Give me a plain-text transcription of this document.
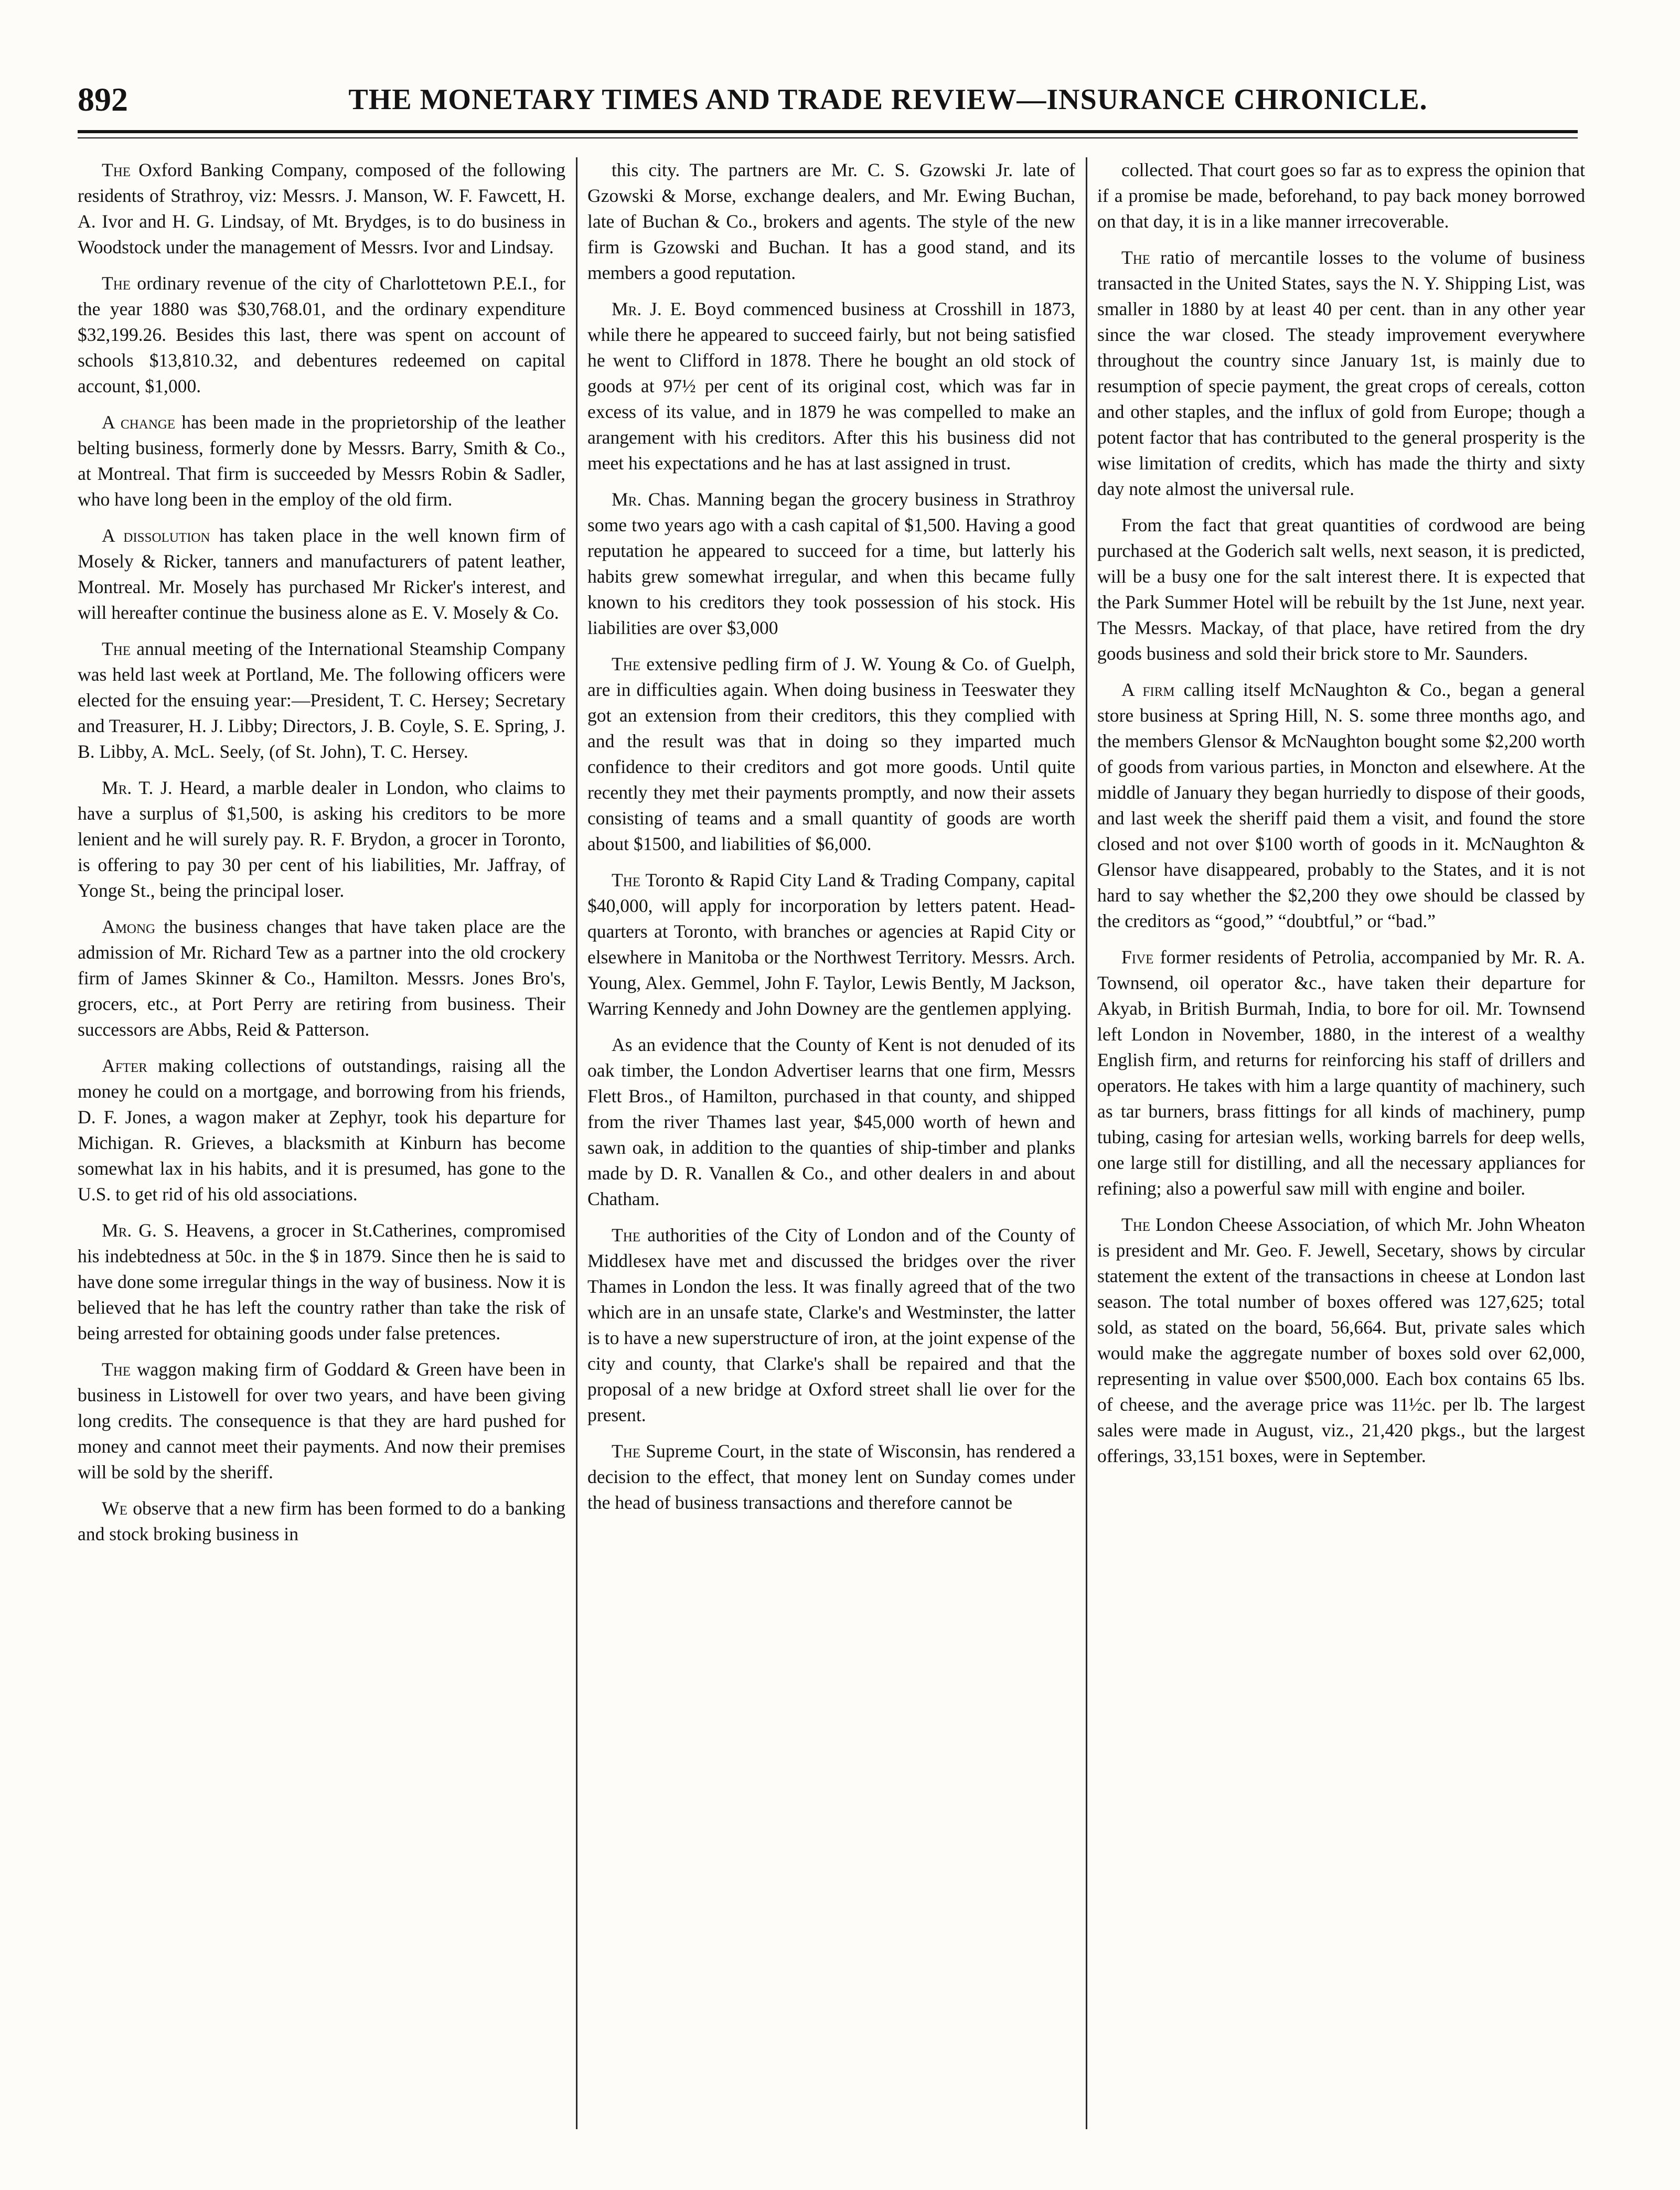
892	THE MONETARY TIMES AND TRADE REVIEW—INSURANCE CHRONICLE.

The Oxford Banking Company, composed of the following residents of Strathroy, viz: Messrs. J. Manson, W. F. Fawcett, H. A. Ivor and H. G. Lindsay, of Mt. Brydges, is to do business in Woodstock under the management of Messrs. Ivor and Lindsay.

The ordinary revenue of the city of Charlottetown P.E.I., for the year 1880 was $30,768.01, and the ordinary expenditure $32,199.26. Besides this last, there was spent on account of schools $13,810.32, and debentures redeemed on capital account, $1,000.

A change has been made in the proprietorship of the leather belting business, formerly done by Messrs. Barry, Smith & Co., at Montreal. That firm is succeeded by Messrs Robin & Sadler, who have long been in the employ of the old firm.

A dissolution has taken place in the well known firm of Mosely & Ricker, tanners and manufacturers of patent leather, Montreal. Mr. Mosely has purchased Mr Ricker's interest, and will hereafter continue the business alone as E. V. Mosely & Co.

The annual meeting of the International Steamship Company was held last week at Portland, Me. The following officers were elected for the ensuing year:—President, T. C. Hersey; Secretary and Treasurer, H. J. Libby; Directors, J. B. Coyle, S. E. Spring, J. B. Libby, A. McL. Seely, (of St. John), T. C. Hersey.

Mr. T. J. Heard, a marble dealer in London, who claims to have a surplus of $1,500, is asking his creditors to be more lenient and he will surely pay. R. F. Brydon, a grocer in Toronto, is offering to pay 30 per cent of his liabilities, Mr. Jaffray, of Yonge St., being the principal loser.

Among the business changes that have taken place are the admission of Mr. Richard Tew as a partner into the old crockery firm of James Skinner & Co., Hamilton. Messrs. Jones Bro's, grocers, etc., at Port Perry are retiring from business. Their successors are Abbs, Reid & Patterson.

After making collections of outstandings, raising all the money he could on a mortgage, and borrowing from his friends, D. F. Jones, a wagon maker at Zephyr, took his departure for Michigan. R. Grieves, a blacksmith at Kinburn has become somewhat lax in his habits, and it is presumed, has gone to the U.S. to get rid of his old associations.

Mr. G. S. Heavens, a grocer in St.Catherines, compromised his indebtedness at 50c. in the $ in 1879. Since then he is said to have done some irregular things in the way of business. Now it is believed that he has left the country rather than take the risk of being arrested for obtaining goods under false pretences.

The waggon making firm of Goddard & Green have been in business in Listowell for over two years, and have been giving long credits. The consequence is that they are hard pushed for money and cannot meet their payments. And now their premises will be sold by the sheriff.

We observe that a new firm has been formed to do a banking and stock broking business in

this city. The partners are Mr. C. S. Gzowski Jr. late of Gzowski & Morse, exchange dealers, and Mr. Ewing Buchan, late of Buchan & Co., brokers and agents. The style of the new firm is Gzowski and Buchan. It has a good stand, and its members a good reputation.

Mr. J. E. Boyd commenced business at Crosshill in 1873, while there he appeared to succeed fairly, but not being satisfied he went to Clifford in 1878. There he bought an old stock of goods at 97½ per cent of its original cost, which was far in excess of its value, and in 1879 he was compelled to make an arangement with his creditors. After this his business did not meet his expectations and he has at last assigned in trust.

Mr. Chas. Manning began the grocery business in Strathroy some two years ago with a cash capital of $1,500. Having a good reputation he appeared to succeed for a time, but latterly his habits grew somewhat irregular, and when this became fully known to his creditors they took possession of his stock. His liabilities are over $3,000

The extensive pedling firm of J. W. Young & Co. of Guelph, are in difficulties again. When doing business in Teeswater they got an extension from their creditors, this they complied with and the result was that in doing so they imparted much confidence to their creditors and got more goods. Until quite recently they met their payments promptly, and now their assets consisting of teams and a small quantity of goods are worth about $1500, and liabilities of $6,000.

The Toronto & Rapid City Land & Trading Company, capital $40,000, will apply for incorporation by letters patent. Head-quarters at Toronto, with branches or agencies at Rapid City or elsewhere in Manitoba or the Northwest Territory. Messrs. Arch. Young, Alex. Gemmel, John F. Taylor, Lewis Bently, M Jackson, Warring Kennedy and John Downey are the gentlemen applying.

As an evidence that the County of Kent is not denuded of its oak timber, the London Advertiser learns that one firm, Messrs Flett Bros., of Hamilton, purchased in that county, and shipped from the river Thames last year, $45,000 worth of hewn and sawn oak, in addition to the quanties of ship-timber and planks made by D. R. Vanallen & Co., and other dealers in and about Chatham.

The authorities of the City of London and of the County of Middlesex have met and discussed the bridges over the river Thames in London the less. It was finally agreed that of the two which are in an unsafe state, Clarke's and Westminster, the latter is to have a new superstructure of iron, at the joint expense of the city and county, that Clarke's shall be repaired and that the proposal of a new bridge at Oxford street shall lie over for the present.

The Supreme Court, in the state of Wisconsin, has rendered a decision to the effect, that money lent on Sunday comes under the head of business transactions and therefore cannot be

collected. That court goes so far as to express the opinion that if a promise be made, beforehand, to pay back money borrowed on that day, it is in a like manner irrecoverable.

The ratio of mercantile losses to the volume of business transacted in the United States, says the N. Y. Shipping List, was smaller in 1880 by at least 40 per cent. than in any other year since the war closed. The steady improvement everywhere throughout the country since January 1st, is mainly due to resumption of specie payment, the great crops of cereals, cotton and other staples, and the influx of gold from Europe; though a potent factor that has contributed to the general prosperity is the wise limitation of credits, which has made the thirty and sixty day note almost the universal rule.

From the fact that great quantities of cordwood are being purchased at the Goderich salt wells, next season, it is predicted, will be a busy one for the salt interest there. It is expected that the Park Summer Hotel will be rebuilt by the 1st June, next year. The Messrs. Mackay, of that place, have retired from the dry goods business and sold their brick store to Mr. Saunders.

A firm calling itself McNaughton & Co., began a general store business at Spring Hill, N. S. some three months ago, and the members Glensor & McNaughton bought some $2,200 worth of goods from various parties, in Moncton and elsewhere. At the middle of January they began hurriedly to dispose of their goods, and last week the sheriff paid them a visit, and found the store closed and not over $100 worth of goods in it. McNaughton & Glensor have disappeared, probably to the States, and it is not hard to say whether the $2,200 they owe should be classed by the creditors as “good,” “doubtful,” or “bad.”

Five former residents of Petrolia, accompanied by Mr. R. A. Townsend, oil operator &c., have taken their departure for Akyab, in British Burmah, India, to bore for oil. Mr. Townsend left London in November, 1880, in the interest of a wealthy English firm, and returns for reinforcing his staff of drillers and operators. He takes with him a large quantity of machinery, such as tar burners, brass fittings for all kinds of machinery, pump tubing, casing for artesian wells, working barrels for deep wells, one large still for distilling, and all the necessary appliances for refining; also a powerful saw mill with engine and boiler.

The London Cheese Association, of which Mr. John Wheaton is president and Mr. Geo. F. Jewell, Secetary, shows by circular statement the extent of the transactions in cheese at London last season. The total number of boxes offered was 127,625; total sold, as stated on the board, 56,664. But, private sales which would make the aggregate number of boxes sold over 62,000, representing in value over $500,000. Each box contains 65 lbs. of cheese, and the average price was 11½c. per lb. The largest sales were made in August, viz., 21,420 pkgs., but the largest offerings, 33,151 boxes, were in September.
